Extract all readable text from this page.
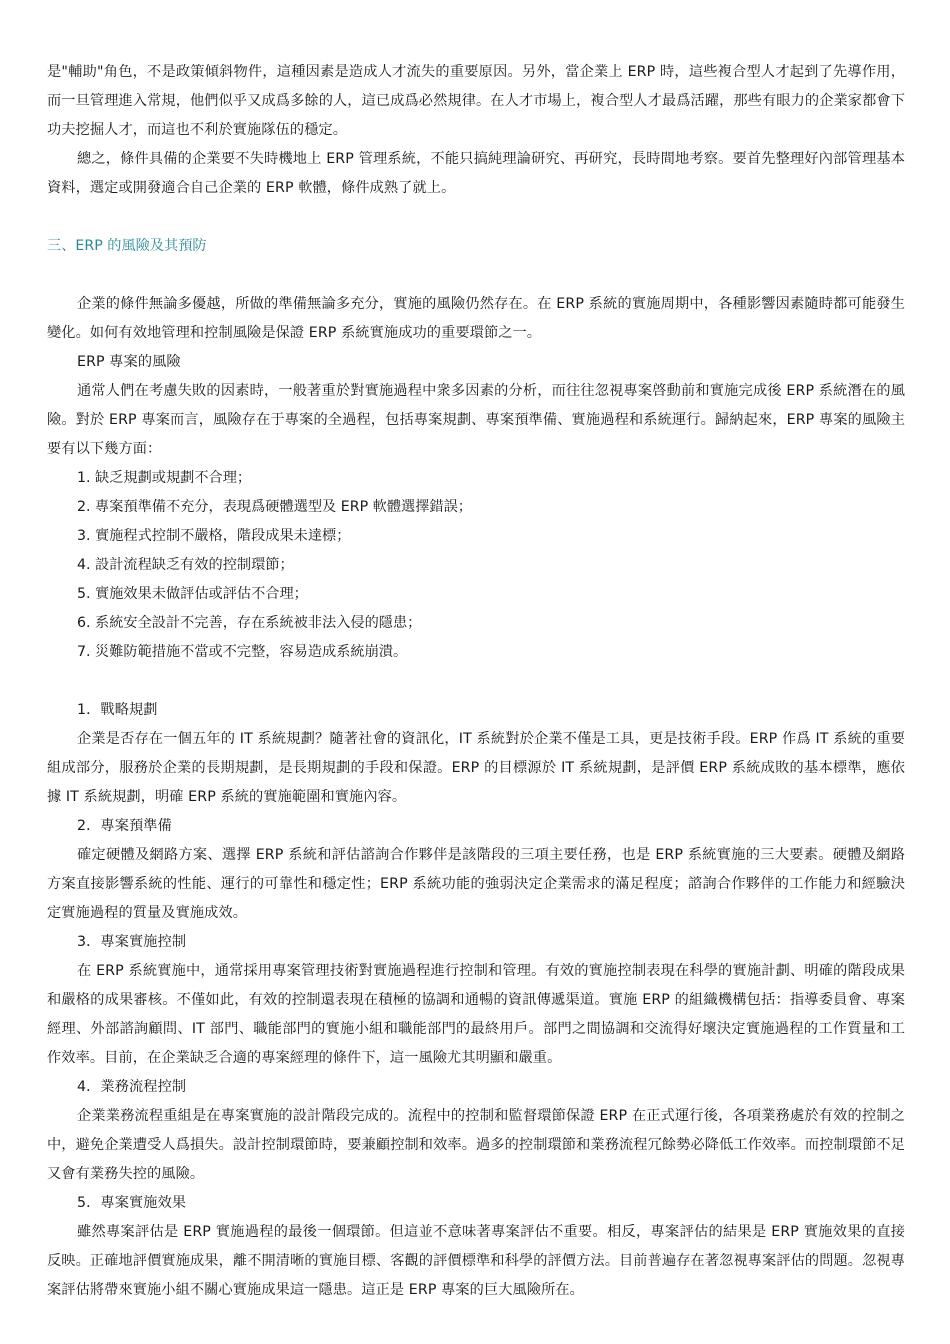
是"輔助"角色，不是政策傾斜物件，這種因素是造成人才流失的重要原因。另外，當企業上 ERP 時，這些複合型人才起到了先導作用，而一旦管理進入常規，他們似乎又成爲多餘的人，這已成爲必然規律。在人才市場上，複合型人才最爲活躍，那些有眼力的企業家都會下功夫挖掘人才，而這也不利於實施隊伍的穩定。

總之，條件具備的企業要不失時機地上 ERP 管理系統，不能只搞純理論研究、再研究，長時間地考察。要首先整理好內部管理基本資料，選定或開發適合自己企業的 ERP 軟體，條件成熟了就上。

三、ERP 的風險及其預防

企業的條件無論多優越，所做的準備無論多充分，實施的風險仍然存在。在 ERP 系統的實施周期中，各種影響因素隨時都可能發生變化。如何有效地管理和控制風險是保證 ERP 系統實施成功的重要環節之一。

ERP 專案的風險

通常人們在考慮失敗的因素時，一般著重於對實施過程中衆多因素的分析，而往往忽視專案啓動前和實施完成後 ERP 系統潛在的風險。對於 ERP 專案而言，風險存在于專案的全過程，包括專案規劃、專案預準備、實施過程和系統運行。歸納起來，ERP 專案的風險主要有以下幾方面：

1. 缺乏規劃或規劃不合理；
2. 專案預準備不充分，表現爲硬體選型及 ERP 軟體選擇錯誤；
3. 實施程式控制不嚴格，階段成果未達標；
4. 設計流程缺乏有效的控制環節；
5. 實施效果未做評估或評估不合理；
6. 系統安全設計不完善，存在系統被非法入侵的隱患；
7. 災難防範措施不當或不完整，容易造成系統崩潰。

1．戰略規劃

企業是否存在一個五年的 IT 系統規劃？隨著社會的資訊化，IT 系統對於企業不僅是工具，更是技術手段。ERP 作爲 IT 系統的重要組成部分，服務於企業的長期規劃，是長期規劃的手段和保證。ERP 的目標源於 IT 系統規劃，是評價 ERP 系統成敗的基本標準，應依據 IT 系統規劃，明確 ERP 系統的實施範圍和實施內容。

2．專案預準備

確定硬體及網路方案、選擇 ERP 系統和評估諮詢合作夥伴是該階段的三項主要任務，也是 ERP 系統實施的三大要素。硬體及網路方案直接影響系統的性能、運行的可靠性和穩定性；ERP 系統功能的強弱決定企業需求的滿足程度；諮詢合作夥伴的工作能力和經驗決定實施過程的質量及實施成效。

3．專案實施控制

在 ERP 系統實施中，通常採用專案管理技術對實施過程進行控制和管理。有效的實施控制表現在科學的實施計劃、明確的階段成果和嚴格的成果審核。不僅如此，有效的控制還表現在積極的協調和通暢的資訊傳遞渠道。實施 ERP 的組織機構包括：指導委員會、專案經理、外部諮詢顧問、IT 部門、職能部門的實施小組和職能部門的最終用戶。部門之間協調和交流得好壞決定實施過程的工作質量和工作效率。目前，在企業缺乏合適的專案經理的條件下，這一風險尤其明顯和嚴重。

4．業務流程控制

企業業務流程重組是在專案實施的設計階段完成的。流程中的控制和監督環節保證 ERP 在正式運行後，各項業務處於有效的控制之中，避免企業遭受人爲損失。設計控制環節時，要兼顧控制和效率。過多的控制環節和業務流程冗餘勢必降低工作效率。而控制環節不足又會有業務失控的風險。

5．專案實施效果

雖然專案評估是 ERP 實施過程的最後一個環節。但這並不意味著專案評估不重要。相反，專案評估的結果是 ERP 實施效果的直接反映。正確地評價實施成果，離不開清晰的實施目標、客觀的評價標準和科學的評價方法。目前普遍存在著忽視專案評估的問題。忽視專案評估將帶來實施小組不關心實施成果這一隱患。這正是 ERP 專案的巨大風險所在。
